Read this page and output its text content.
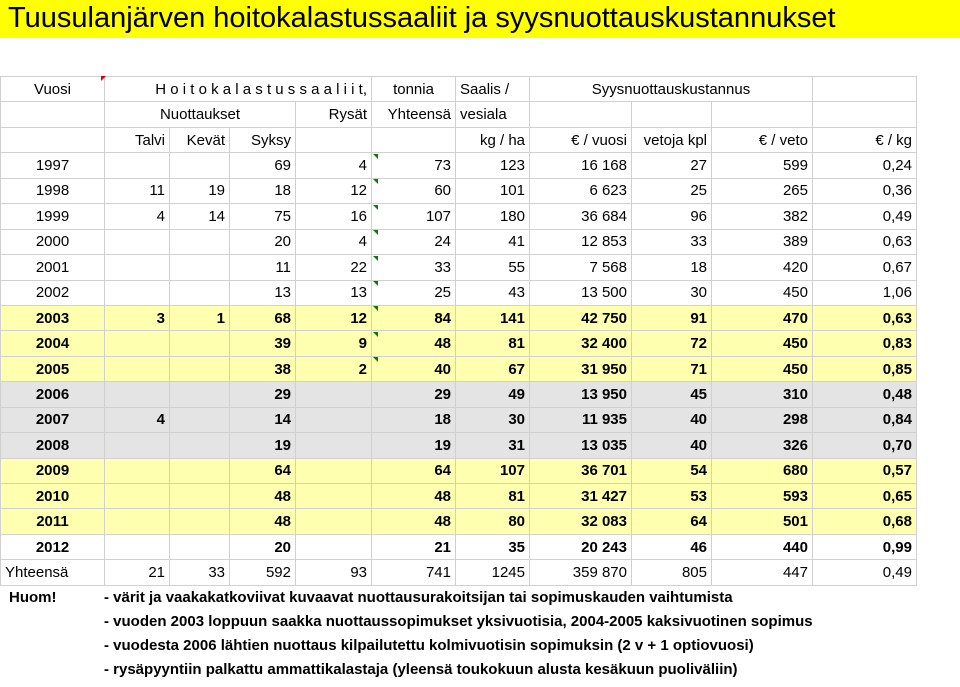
Tuusulanjärven hoitokalastussaaliit ja syysnuottauskustannukset
Vuosi	H o i t o k a l a s t u s s a a l i i t,				tonnia	Saalis /	Syysnuottauskustannus			
	Nuottaukset			Rysät	Yhteensä	vesiala				
	Talvi	Kevät	Syksy			kg / ha	€ / vuosi	vetoja kpl	€ / veto	€ / kg
1997			69	4	73	123	16 168	27	599	0,24
1998	11	19	18	12	60	101	6 623	25	265	0,36
1999	4	14	75	16	107	180	36 684	96	382	0,49
2000			20	4	24	41	12 853	33	389	0,63
2001			11	22	33	55	7 568	18	420	0,67
2002			13	13	25	43	13 500	30	450	1,06
2003	3	1	68	12	84	141	42 750	91	470	0,63
2004			39	9	48	81	32 400	72	450	0,83
2005			38	2	40	67	31 950	71	450	0,85
2006			29		29	49	13 950	45	310	0,48
2007	4		14		18	30	11 935	40	298	0,84
2008			19		19	31	13 035	40	326	0,70
2009			64		64	107	36 701	54	680	0,57
2010			48		48	81	31 427	53	593	0,65
2011			48		48	80	32 083	64	501	0,68
2012			20		21	35	20 243	46	440	0,99
Yhteensä	21	33	592	93	741	1245	359 870	805	447	0,49
Huom!	- värit ja vaakakatkoviivat kuvaavat nuottausurakoitsijan tai sopimuskauden vaihtumista
- vuoden 2003 loppuun saakka nuottaussopimukset yksivuotisia, 2004-2005 kaksivuotinen sopimus
- vuodesta 2006 lähtien nuottaus kilpailutettu kolmivuotisin sopimuksin (2 v + 1 optiovuosi)
- rysäpyyntiin palkattu ammattikalastaja (yleensä toukokuun alusta kesäkuun puoliväliin)
